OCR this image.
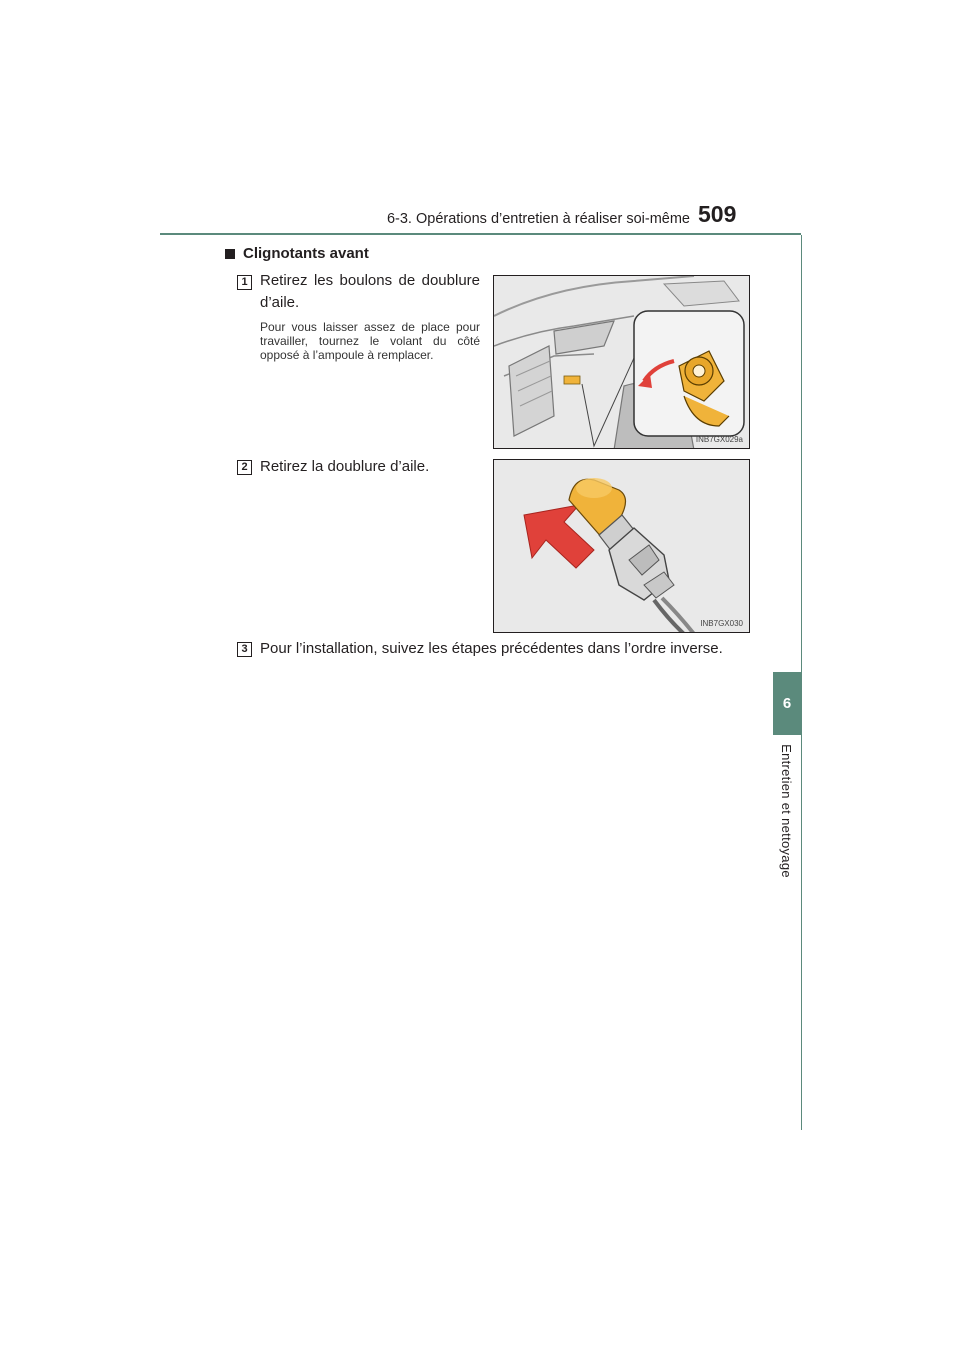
6-3. Opérations d’entretien à réaliser soi-même 509
6
Entretien et nettoyage
Clignotants avant
1 Retirez les boulons de doublure d’aile.
Pour vous laisser assez de place pour travailler, tournez le volant du côté opposé à l’ampoule à remplacer.
INB7GX029a
2 Retirez la doublure d’aile.
INB7GX030
3 Pour l’installation, suivez les étapes précédentes dans l’ordre inverse.
